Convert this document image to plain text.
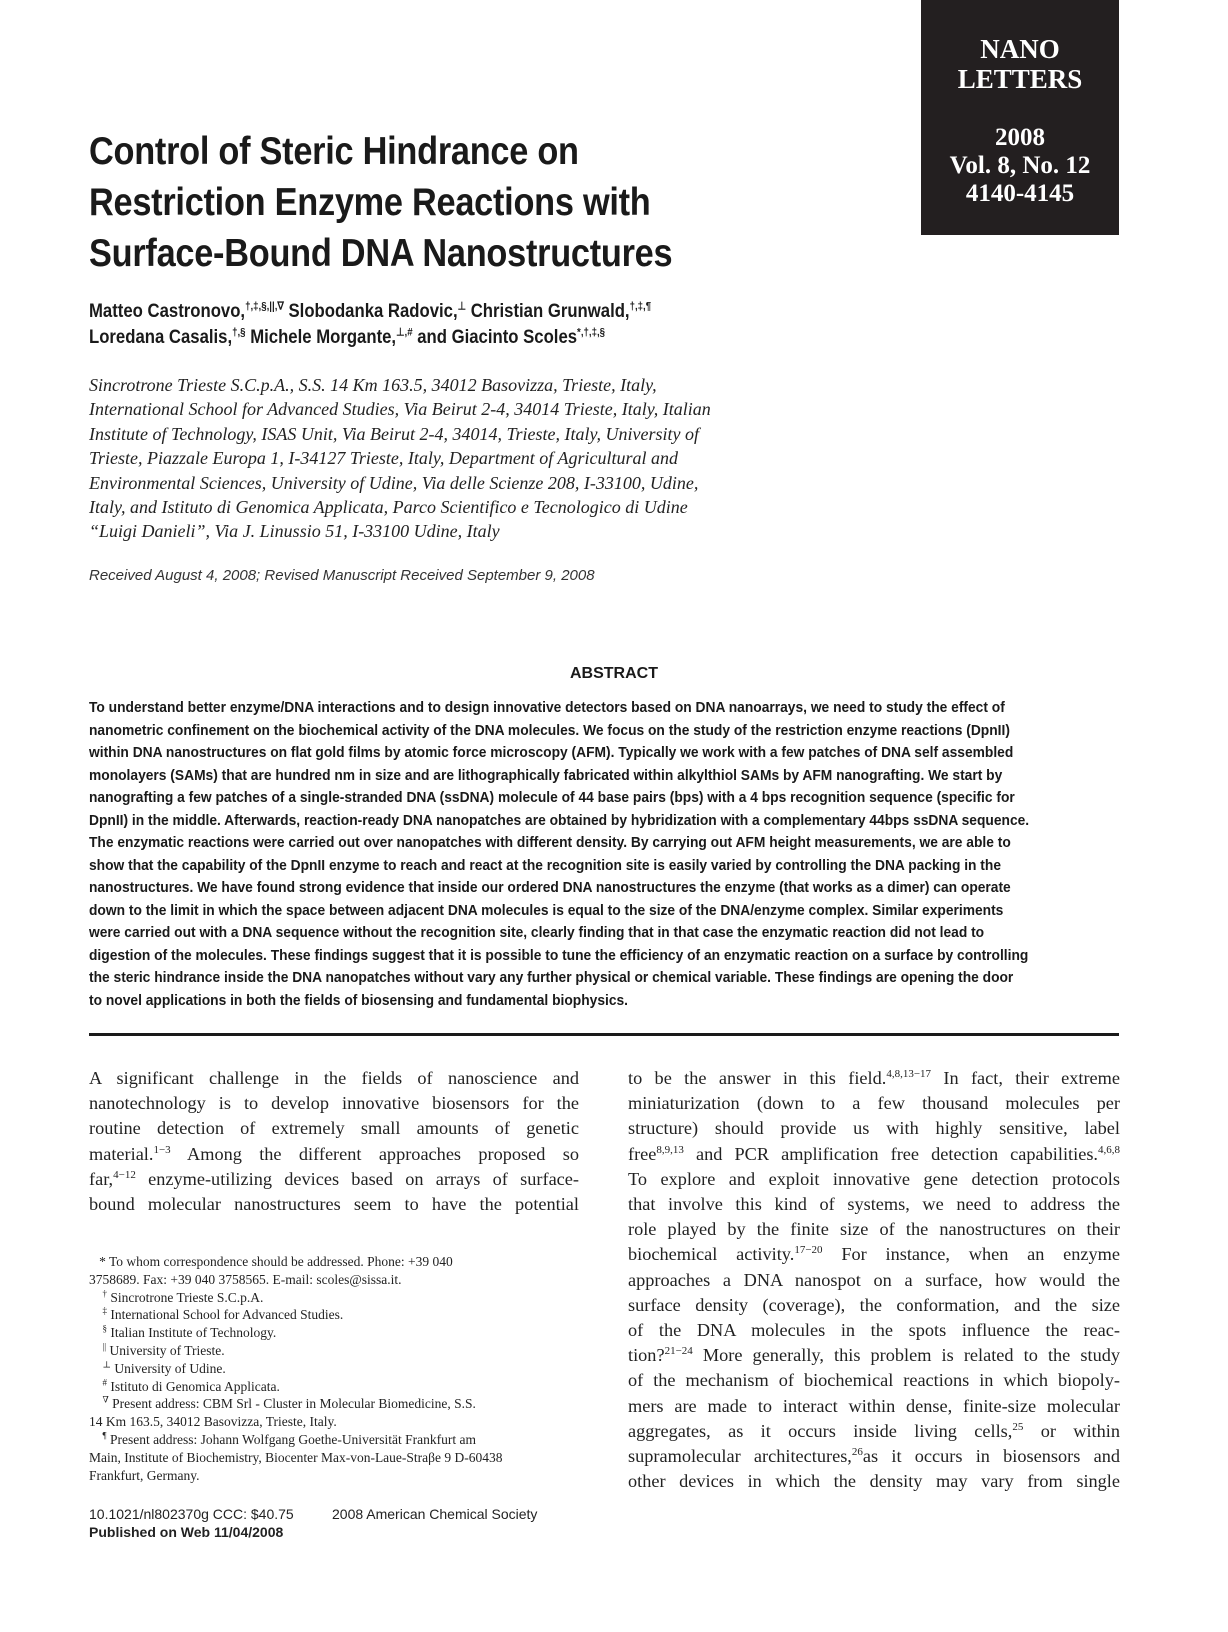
NANO
LETTERS
2008
Vol. 8, No. 12
4140-4145
Control of Steric Hindrance on
Restriction Enzyme Reactions with
Surface-Bound DNA Nanostructures
Matteo Castronovo,†,‡,§,||,∇ Slobodanka Radovic,⊥ Christian Grunwald,†,‡,¶
Loredana Casalis,†,§ Michele Morgante,⊥,# and Giacinto Scoles*,†,‡,§
Sincrotrone Trieste S.C.p.A., S.S. 14 Km 163.5, 34012 Basovizza, Trieste, Italy,
International School for Advanced Studies, Via Beirut 2-4, 34014 Trieste, Italy, Italian
Institute of Technology, ISAS Unit, Via Beirut 2-4, 34014, Trieste, Italy, University of
Trieste, Piazzale Europa 1, I-34127 Trieste, Italy, Department of Agricultural and
Environmental Sciences, University of Udine, Via delle Scienze 208, I-33100, Udine,
Italy, and Istituto di Genomica Applicata, Parco Scientifico e Tecnologico di Udine
“Luigi Danieli”, Via J. Linussio 51, I-33100 Udine, Italy
Received August 4, 2008; Revised Manuscript Received September 9, 2008
ABSTRACT
To understand better enzyme/DNA interactions and to design innovative detectors based on DNA nanoarrays, we need to study the effect of
nanometric confinement on the biochemical activity of the DNA molecules. We focus on the study of the restriction enzyme reactions (DpnII)
within DNA nanostructures on flat gold films by atomic force microscopy (AFM). Typically we work with a few patches of DNA self assembled
monolayers (SAMs) that are hundred nm in size and are lithographically fabricated within alkylthiol SAMs by AFM nanografting. We start by
nanografting a few patches of a single-stranded DNA (ssDNA) molecule of 44 base pairs (bps) with a 4 bps recognition sequence (specific for
DpnII) in the middle. Afterwards, reaction-ready DNA nanopatches are obtained by hybridization with a complementary 44bps ssDNA sequence.
The enzymatic reactions were carried out over nanopatches with different density. By carrying out AFM height measurements, we are able to
show that the capability of the DpnII enzyme to reach and react at the recognition site is easily varied by controlling the DNA packing in the
nanostructures. We have found strong evidence that inside our ordered DNA nanostructures the enzyme (that works as a dimer) can operate
down to the limit in which the space between adjacent DNA molecules is equal to the size of the DNA/enzyme complex. Similar experiments
were carried out with a DNA sequence without the recognition site, clearly finding that in that case the enzymatic reaction did not lead to
digestion of the molecules. These findings suggest that it is possible to tune the efficiency of an enzymatic reaction on a surface by controlling
the steric hindrance inside the DNA nanopatches without vary any further physical or chemical variable. These findings are opening the door
to novel applications in both the fields of biosensing and fundamental biophysics.
A significant challenge in the fields of nanoscience and
nanotechnology is to develop innovative biosensors for the
routine detection of extremely small amounts of genetic
material.$^{1-3}$ Among the different approaches proposed so
far,$^{4-12}$ enzyme-utilizing devices based on arrays of surface-
bound molecular nanostructures seem to have the potential
* To whom correspondence should be addressed. Phone: +39 040
3758689. Fax: +39 040 3758565. E-mail: scoles@sissa.it.
† Sincrotrone Trieste S.C.p.A.
‡ International School for Advanced Studies.
§ Italian Institute of Technology.
|| University of Trieste.
⊥ University of Udine.
# Istituto di Genomica Applicata.
∇ Present address: CBM Srl - Cluster in Molecular Biomedicine, S.S.
14 Km 163.5, 34012 Basovizza, Trieste, Italy.
¶ Present address: Johann Wolfgang Goethe-Universität Frankfurt am
Main, Institute of Biochemistry, Biocenter Max-von-Laue-Straβe 9 D-60438
Frankfurt, Germany.
to be the answer in this field.$^{4,8,13-17}$ In fact, their extreme
miniaturization (down to a few thousand molecules per
structure) should provide us with highly sensitive, label
free$^{8,9,13}$ and PCR amplification free detection capabilities.$^{4,6,8}$
To explore and exploit innovative gene detection protocols
that involve this kind of systems, we need to address the
role played by the finite size of the nanostructures on their
biochemical activity.$^{17-20}$ For instance, when an enzyme
approaches a DNA nanospot on a surface, how would the
surface density (coverage), the conformation, and the size
of the DNA molecules in the spots influence the reac-
tion?$^{21-24}$ More generally, this problem is related to the study
of the mechanism of biochemical reactions in which biopoly-
mers are made to interact within dense, finite-size molecular
aggregates, as it occurs inside living cells,$^{25}$ or within
supramolecular architectures,$^{26}$as it occurs in biosensors and
other devices in which the density may vary from single
10.1021/nl802370g CCC: $40.75	2008 American Chemical Society
Published on Web 11/04/2008
